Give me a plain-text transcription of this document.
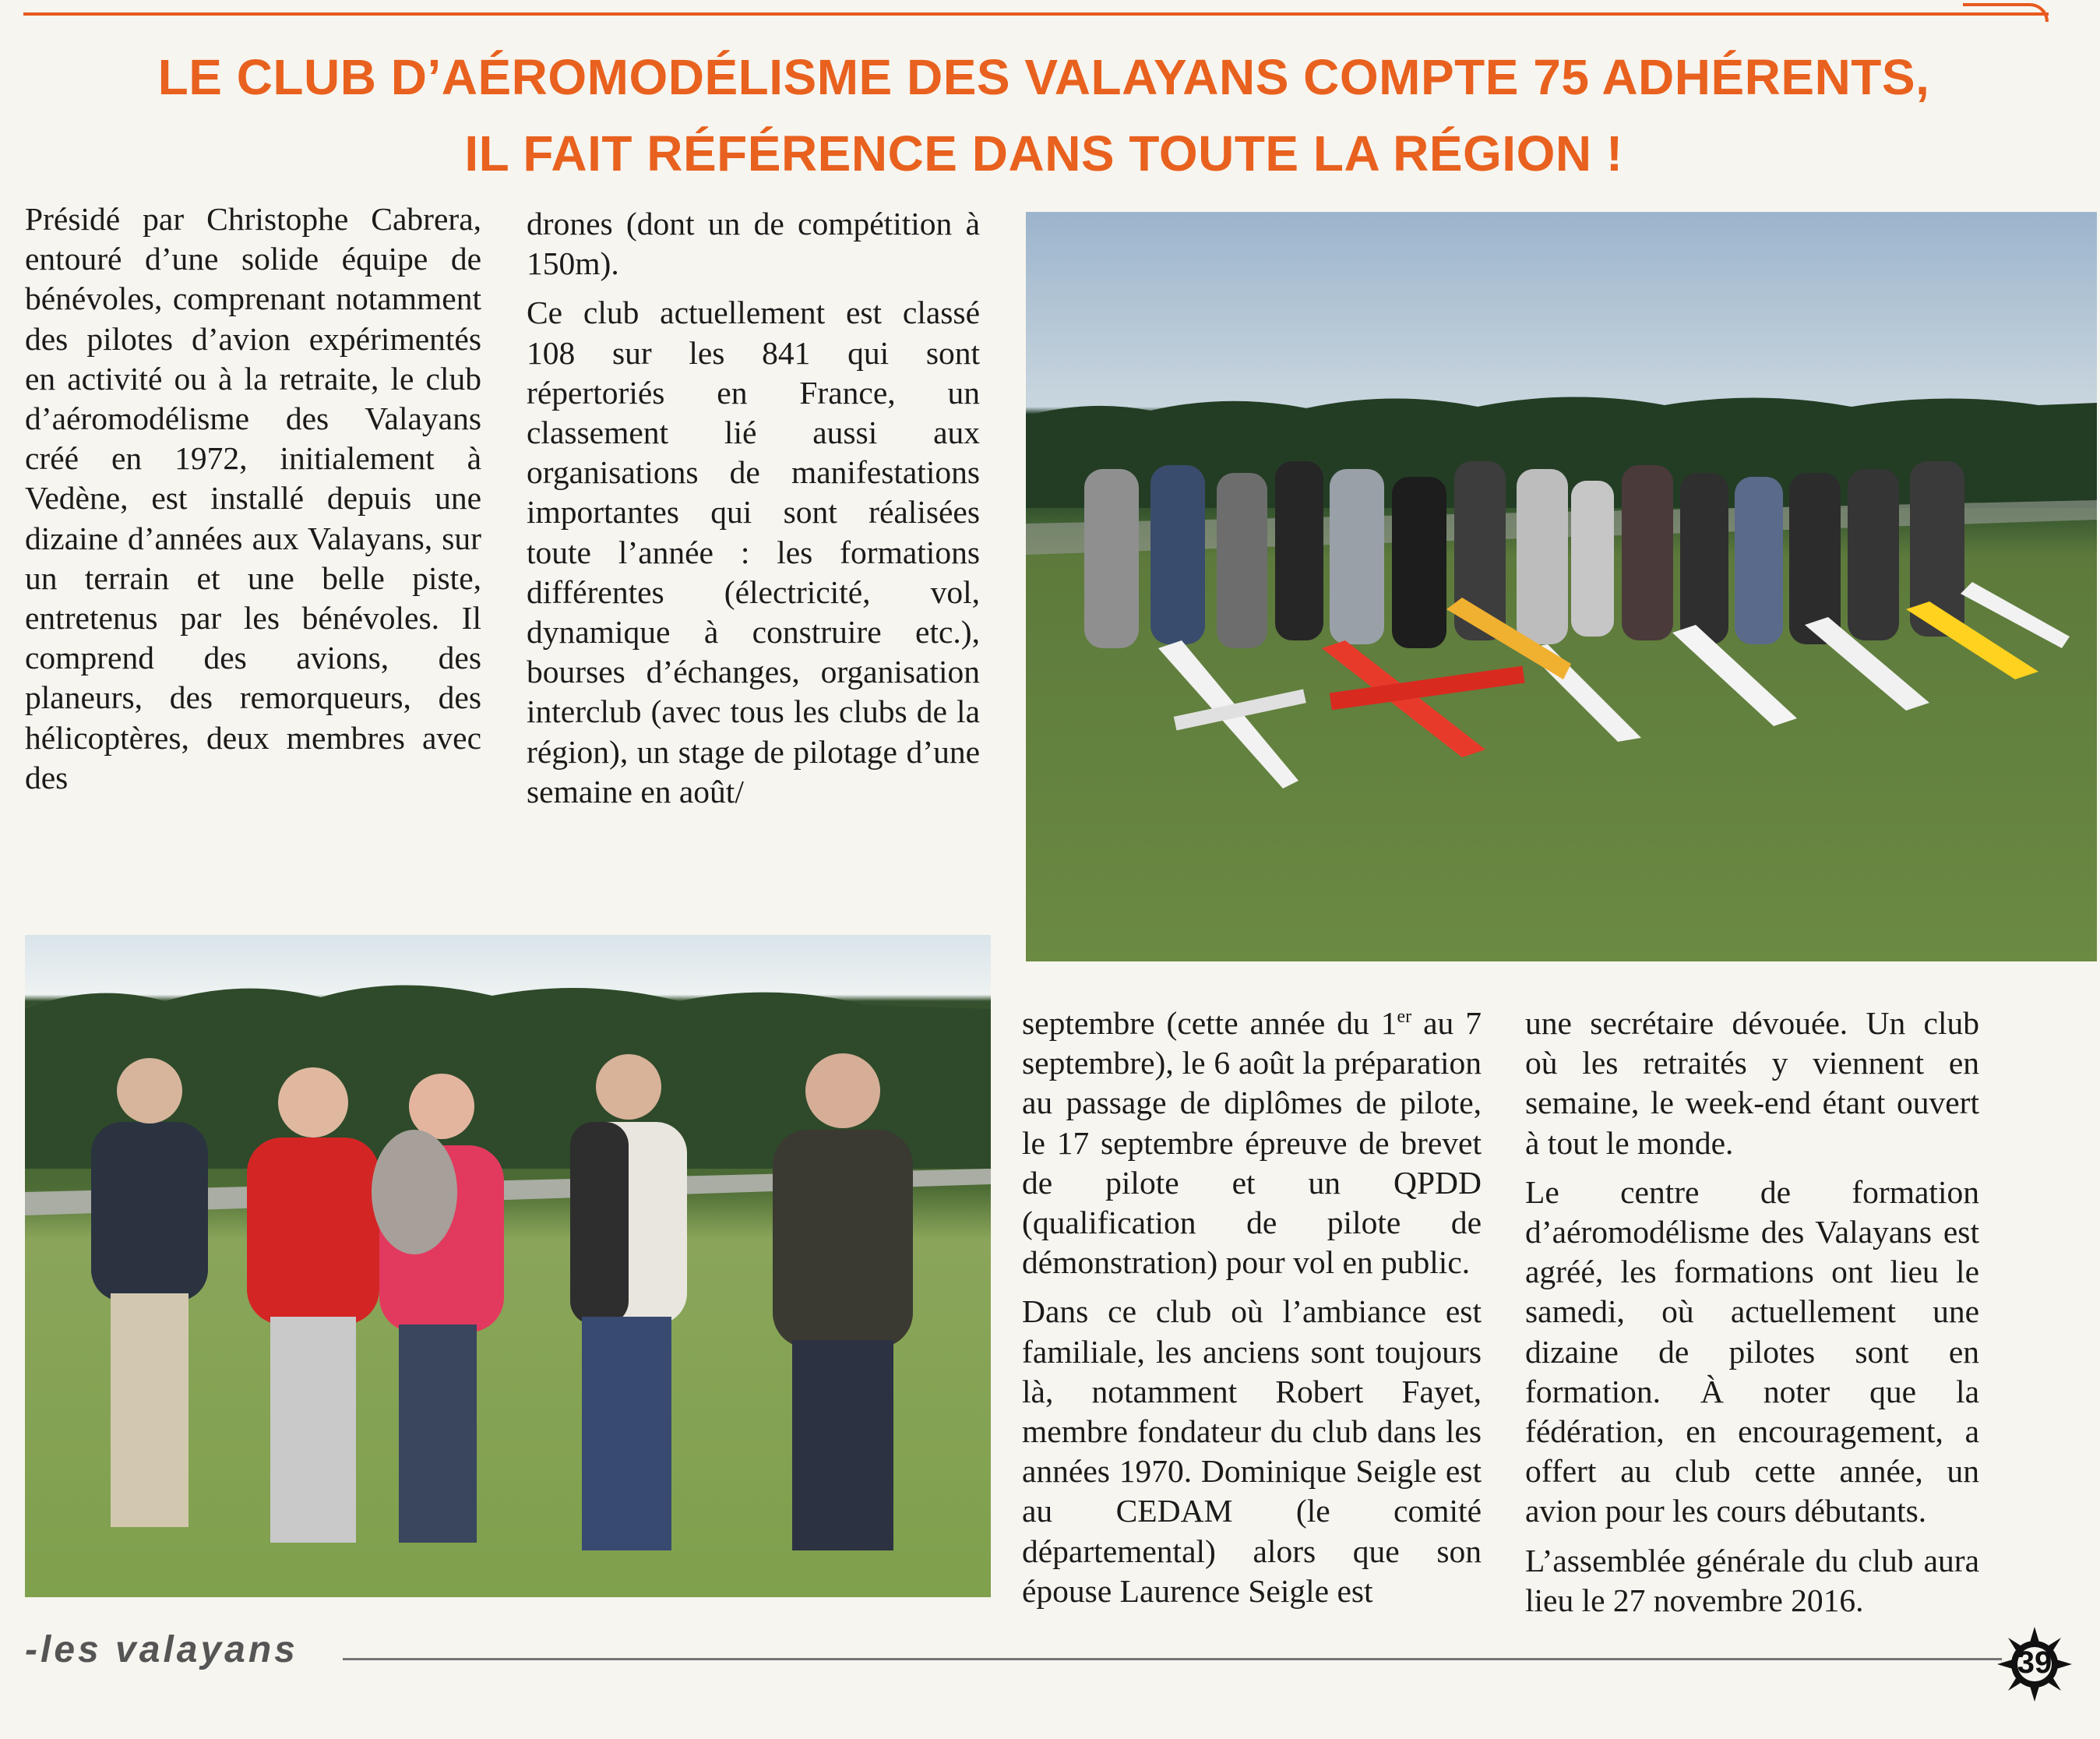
LE CLUB D’AÉROMODÉLISME DES VALAYANS COMPTE 75 ADHÉRENTS,
IL FAIT RÉFÉRENCE DANS TOUTE LA RÉGION !

Présidé par Christophe Cabrera, entouré d’une solide équipe de bénévoles, comprenant notamment des pilotes d’avion expérimentés en activité ou à la retraite, le club d’aéromodélisme des Valayans créé en 1972, initialement à Vedène, est installé depuis une dizaine d’années aux Valayans, sur un terrain et une belle piste, entretenus par les bénévoles. Il comprend des avions, des planeurs, des remorqueurs, des hélicoptères, deux membres avec des

drones (dont un de compétition à 150m).

Ce club actuellement est classé 108 sur les 841 qui sont répertoriés en France, un classement lié aussi aux organisations de manifestations importantes qui sont réalisées toute l’année : les formations différentes (électricité, vol, dynamique à construire etc.), bourses d’échanges, organisation interclub (avec tous les clubs de la région), un stage de pilotage d’une semaine en août/

septembre (cette année du 1er au 7 septembre), le 6 août la préparation au passage de diplômes de pilote, le 17 septembre épreuve de brevet de pilote et un QPDD (qualification de pilote de démonstration) pour vol en public.

Dans ce club où l’ambiance est familiale, les anciens sont toujours là, notamment Robert Fayet, membre fondateur du club dans les années 1970. Dominique Seigle est au CEDAM (le comité départemental) alors que son épouse Laurence Seigle est

une secrétaire dévouée. Un club où les retraités y viennent en semaine, le week-end étant ouvert à tout le monde.

Le centre de formation d’aéromodélisme des Valayans est agréé, les formations ont lieu le samedi, où actuellement une dizaine de pilotes sont en formation. À noter que la fédération, en encouragement, a offert au club cette année, un avion pour les cours débutants.

L’assemblée générale du club aura lieu le 27 novembre 2016.

-les valayans	39
